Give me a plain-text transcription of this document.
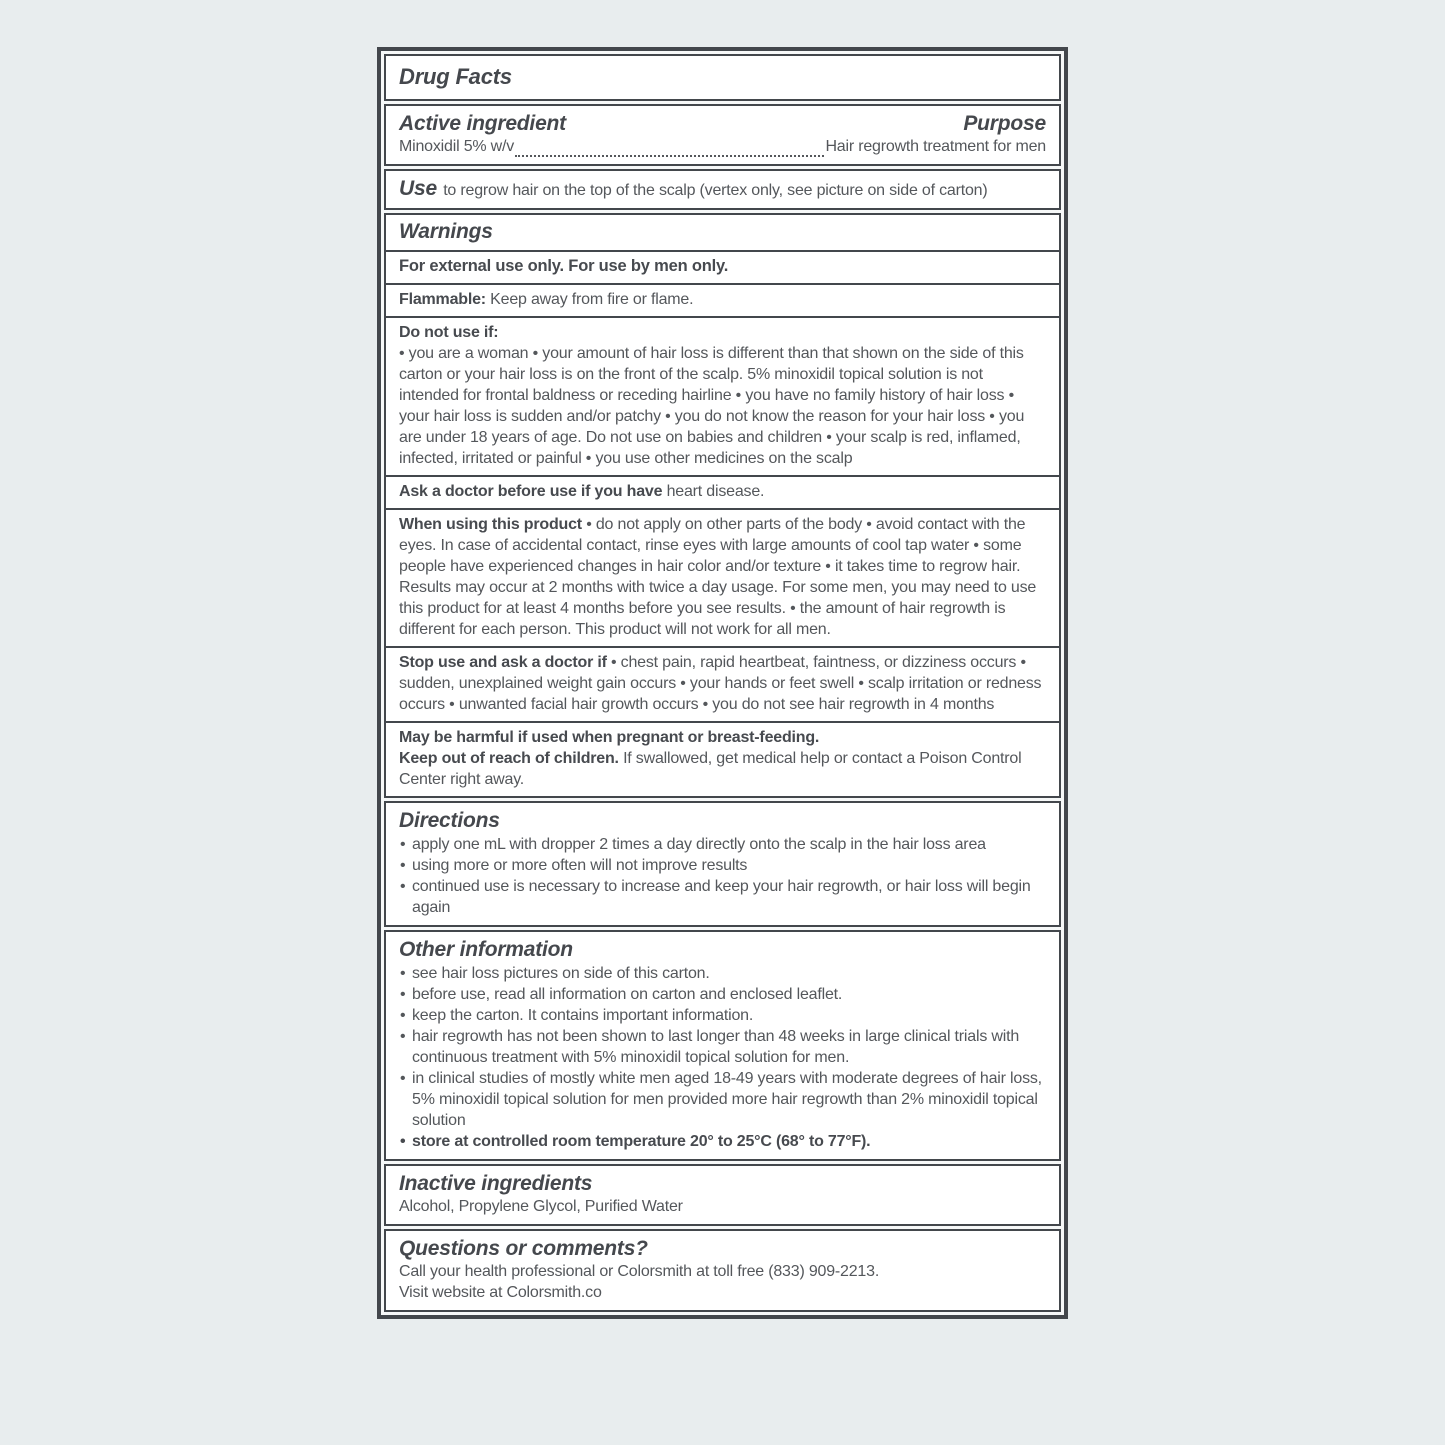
Drug Facts
Active ingredient	Purpose
Minoxidil 5% w/v	Hair regrowth treatment for men

Use to regrow hair on the top of the scalp (vertex only, see picture on side of carton)

Warnings

For external use only. For use by men only.

Flammable: Keep away from fire or flame.

Do not use if:
• you are a woman • your amount of hair loss is different than that shown on the side of this carton or your hair loss is on the front of the scalp. 5% minoxidil topical solution is not intended for frontal baldness or receding hairline • you have no family history of hair loss • your hair loss is sudden and/or patchy • you do not know the reason for your hair loss • you are under 18 years of age. Do not use on babies and children • your scalp is red, inflamed, infected, irritated or painful • you use other medicines on the scalp

Ask a doctor before use if you have heart disease.

When using this product • do not apply on other parts of the body • avoid contact with the eyes. In case of accidental contact, rinse eyes with large amounts of cool tap water • some people have experienced changes in hair color and/or texture • it takes time to regrow hair. Results may occur at 2 months with twice a day usage. For some men, you may need to use this product for at least 4 months before you see results. • the amount of hair regrowth is different for each person. This product will not work for all men.

Stop use and ask a doctor if • chest pain, rapid heartbeat, faintness, or dizziness occurs • sudden, unexplained weight gain occurs • your hands or feet swell • scalp irritation or redness occurs • unwanted facial hair growth occurs • you do not see hair regrowth in 4 months

May be harmful if used when pregnant or breast-feeding.
Keep out of reach of children. If swallowed, get medical help or contact a Poison Control Center right away.

Directions
• apply one mL with dropper 2 times a day directly onto the scalp in the hair loss area
• using more or more often will not improve results
• continued use is necessary to increase and keep your hair regrowth, or hair loss will begin again
Other information
• see hair loss pictures on side of this carton.
• before use, read all information on carton and enclosed leaflet.
• keep the carton. It contains important information.
• hair regrowth has not been shown to last longer than 48 weeks in large clinical trials with continuous treatment with 5% minoxidil topical solution for men.
• in clinical studies of mostly white men aged 18-49 years with moderate degrees of hair loss, 5% minoxidil topical solution for men provided more hair regrowth than 2% minoxidil topical solution
• store at controlled room temperature 20° to 25°C (68° to 77°F).
Inactive ingredients

Alcohol, Propylene Glycol, Purified Water

Questions or comments?

Call your health professional or Colorsmith at toll free (833) 909-2213.

Visit website at Colorsmith.co
